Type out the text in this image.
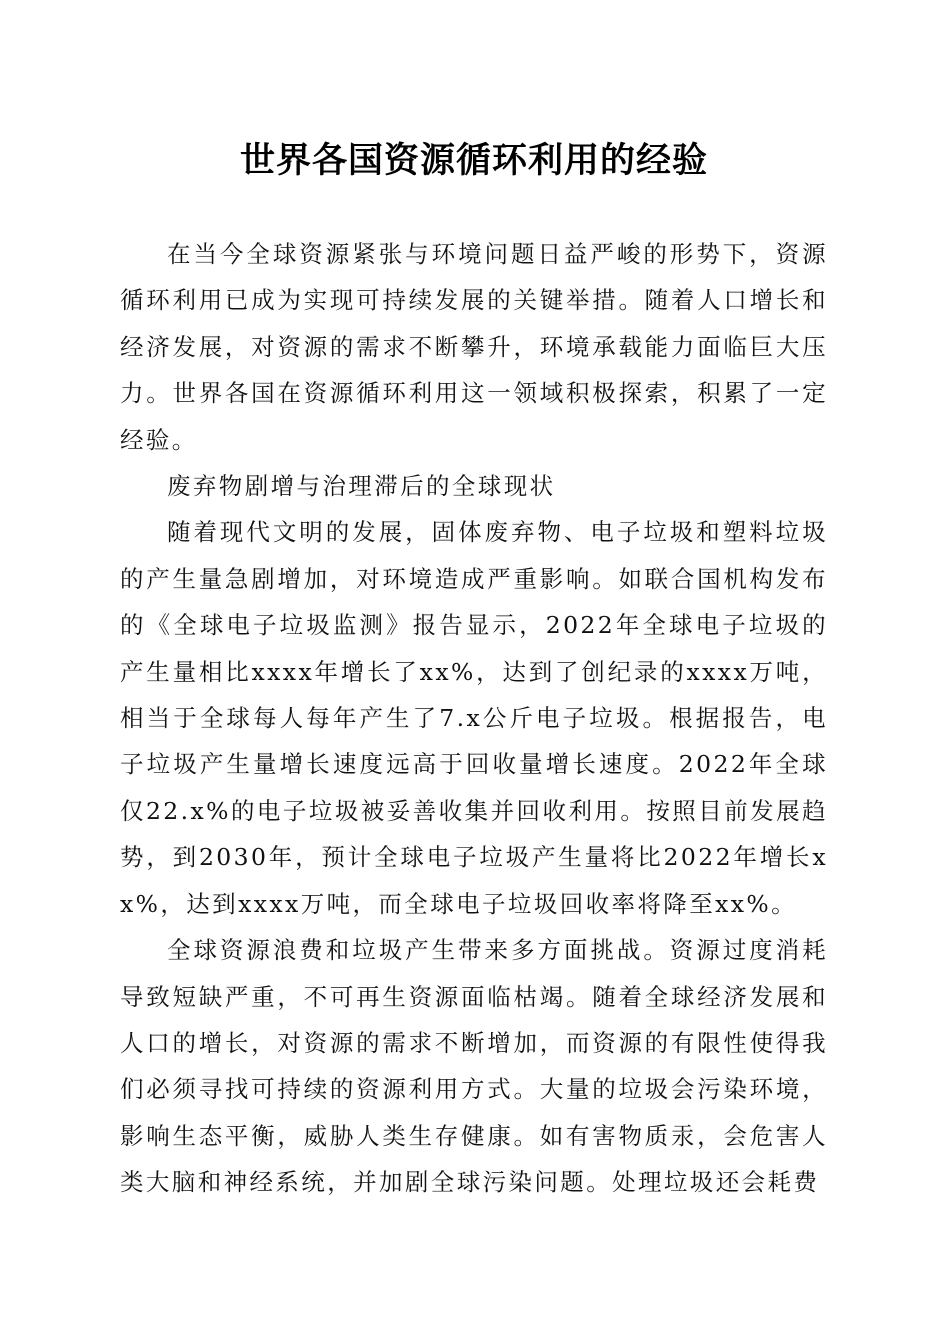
世界各国资源循环利用的经验

在当今全球资源紧张与环境问题日益严峻的形势下，资源循环利用已成为实现可持续发展的关键举措。随着人口增长和经济发展，对资源的需求不断攀升，环境承载能力面临巨大压力。世界各国在资源循环利用这一领域积极探索，积累了一定经验。

废弃物剧增与治理滞后的全球现状

随着现代文明的发展，固体废弃物、电子垃圾和塑料垃圾的产生量急剧增加，对环境造成严重影响。如联合国机构发布的《全球电子垃圾监测》报告显示，2022年全球电子垃圾的产生量相比xxxx年增长了xx%，达到了创纪录的xxxx万吨，相当于全球每人每年产生了7.x公斤电子垃圾。根据报告，电子垃圾产生量增长速度远高于回收量增长速度。2022年全球仅22.x%的电子垃圾被妥善收集并回收利用。按照目前发展趋势，到2030年，预计全球电子垃圾产生量将比2022年增长xx%，达到xxxx万吨，而全球电子垃圾回收率将降至xx%。

全球资源浪费和垃圾产生带来多方面挑战。资源过度消耗导致短缺严重，不可再生资源面临枯竭。随着全球经济发展和人口的增长，对资源的需求不断增加，而资源的有限性使得我们必须寻找可持续的资源利用方式。大量的垃圾会污染环境，影响生态平衡，威胁人类生存健康。如有害物质汞，会危害人类大脑和神经系统，并加剧全球污染问题。处理垃圾还会耗费
